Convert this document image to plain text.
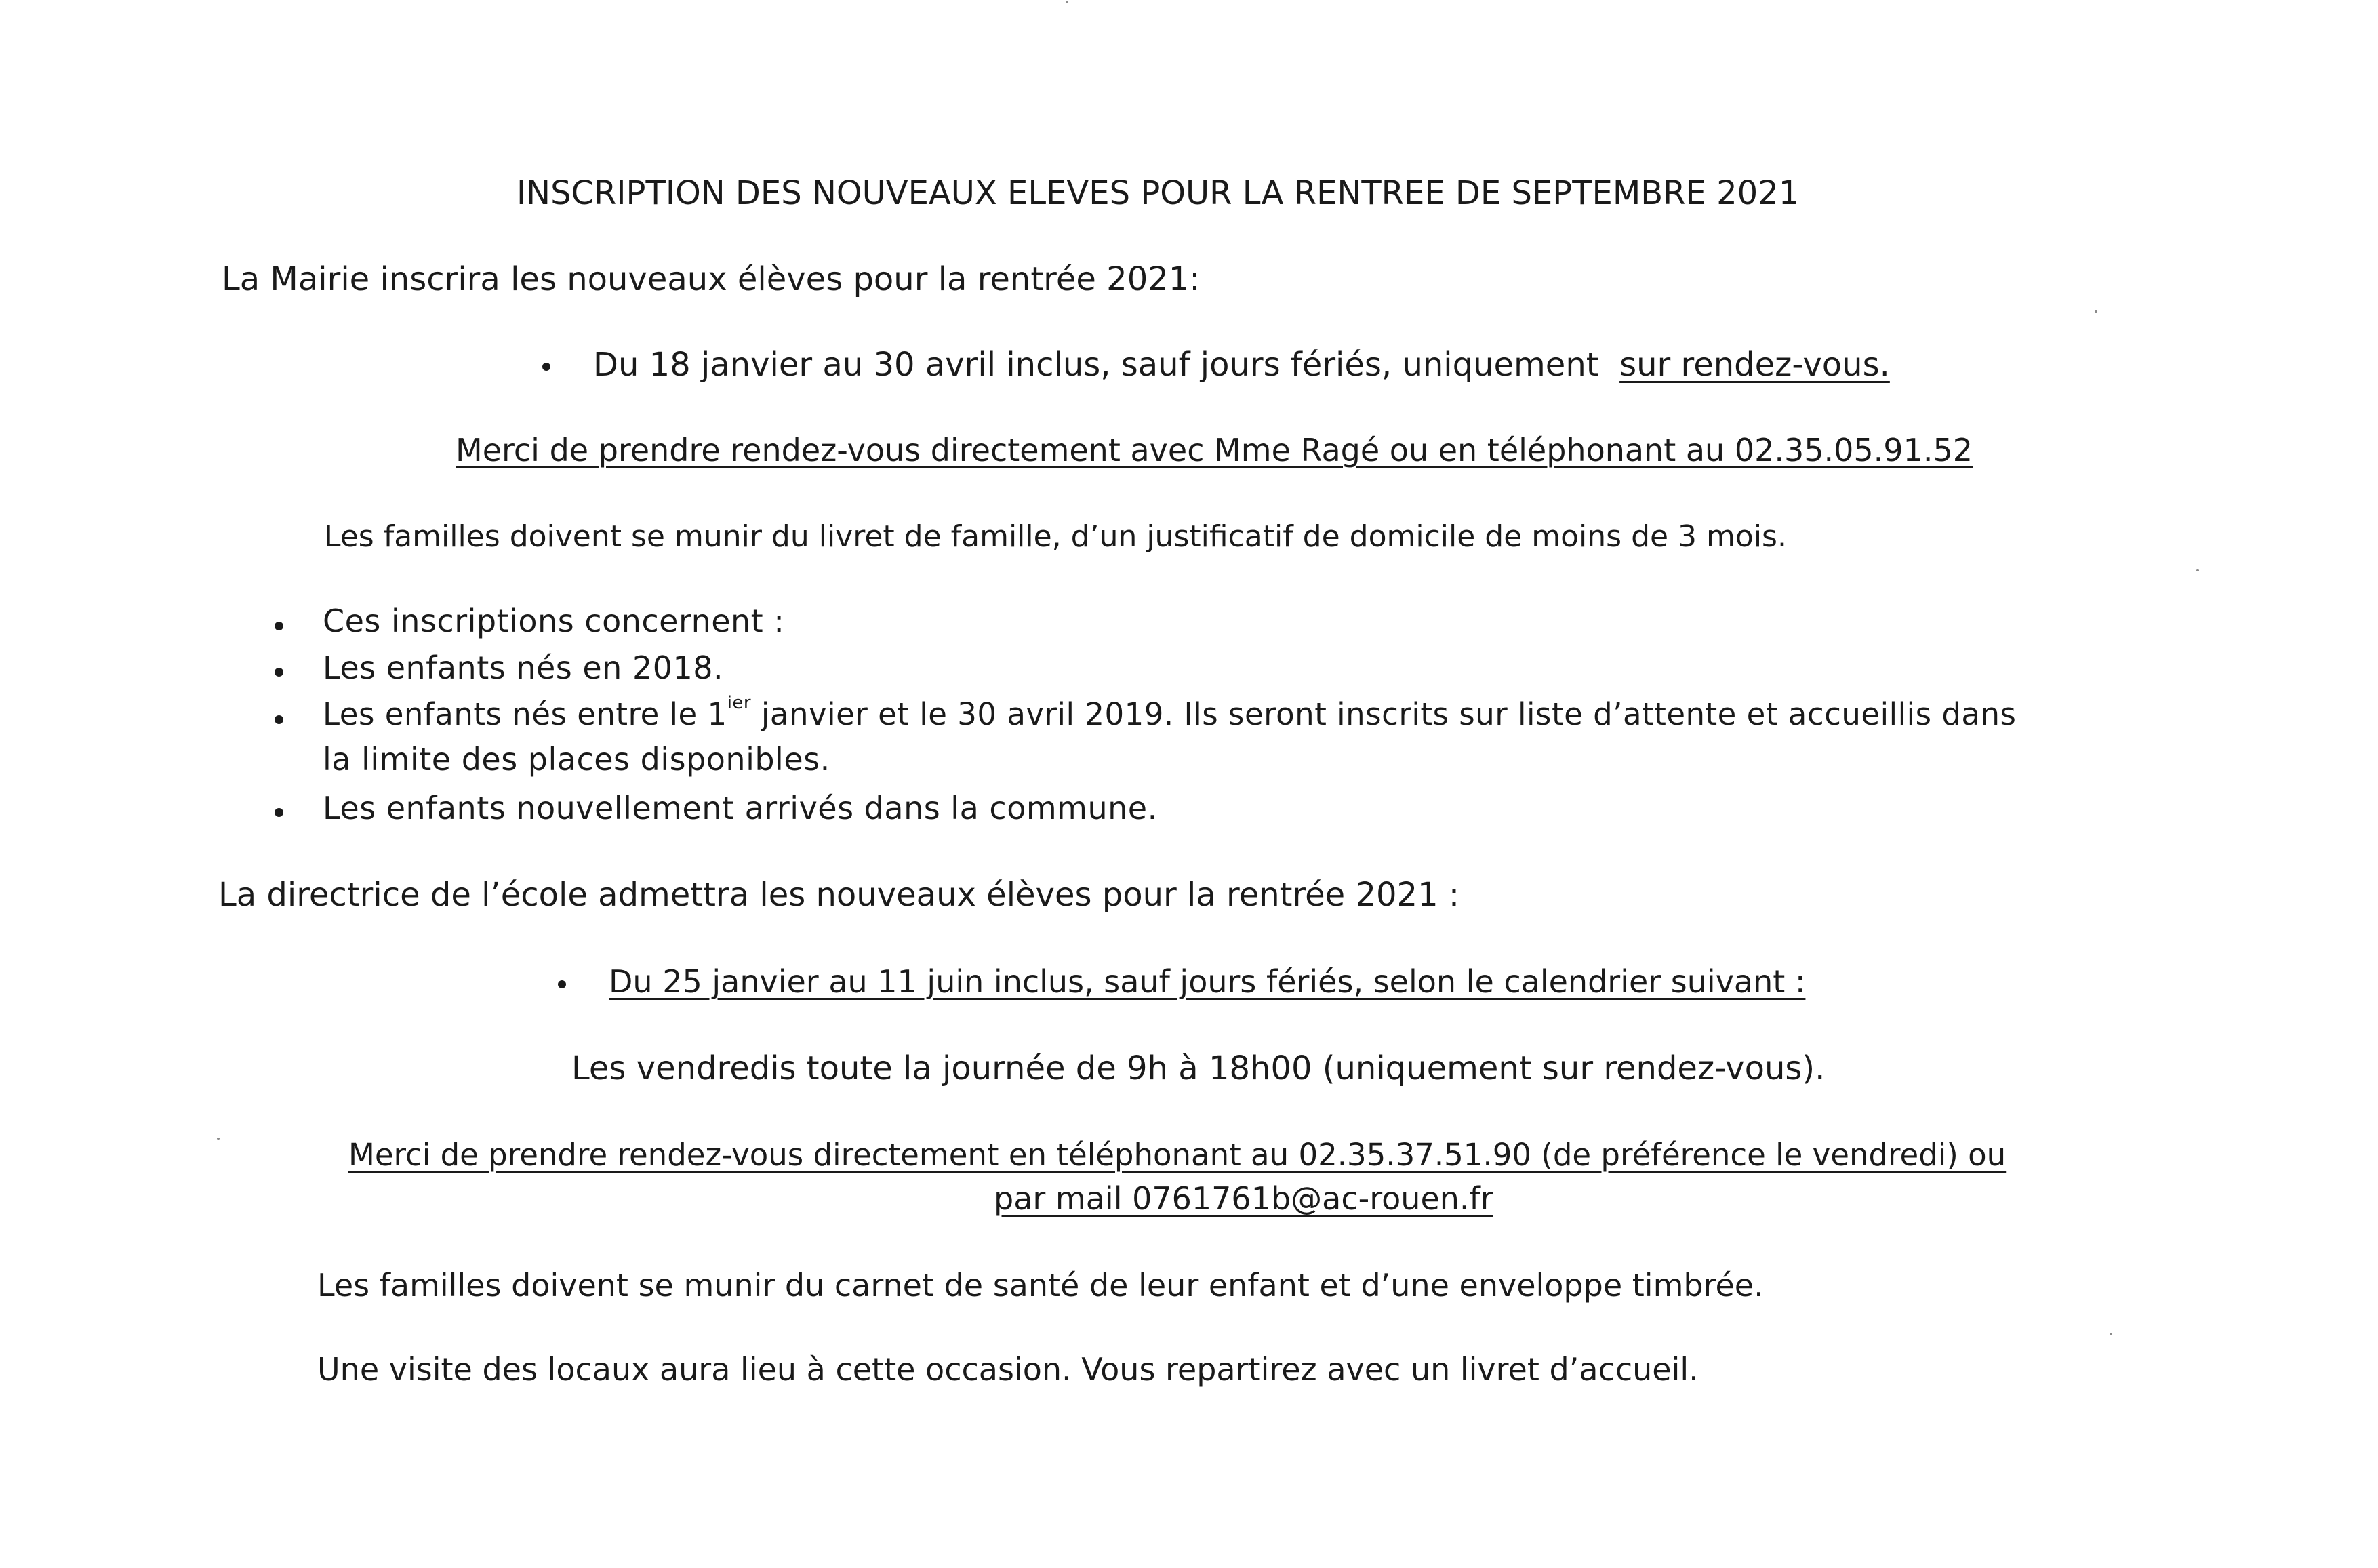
INSCRIPTION DES NOUVEAUX ELEVES POUR LA RENTREE DE SEPTEMBRE 2021
La Mairie inscrira les nouveaux élèves pour la rentrée 2021:
Du 18 janvier au 30 avril inclus, sauf jours fériés, uniquement sur rendez-vous.
Merci de prendre rendez-vous directement avec Mme Ragé ou en téléphonant au 02.35.05.91.52
Les familles doivent se munir du livret de famille, d’un justificatif de domicile de moins de 3 mois.
Ces inscriptions concernent :
Les enfants nés en 2018.
Les enfants nés entre le $1^{ier}$ janvier et le 30 avril 2019. Ils seront inscrits sur liste d’attente et accueillis dans
la limite des places disponibles.
Les enfants nouvellement arrivés dans la commune.
La directrice de l’école admettra les nouveaux élèves pour la rentrée 2021 :
Du 25 janvier au 11 juin inclus, sauf jours fériés, selon le calendrier suivant :
Les vendredis toute la journée de 9h à 18h00 (uniquement sur rendez-vous).
Merci de prendre rendez-vous directement en téléphonant au 02.35.37.51.90 (de préférence le vendredi) ou
par mail 0761761b@ac-rouen.fr
Les familles doivent se munir du carnet de santé de leur enfant et d’une enveloppe timbrée.
Une visite des locaux aura lieu à cette occasion. Vous repartirez avec un livret d’accueil.
